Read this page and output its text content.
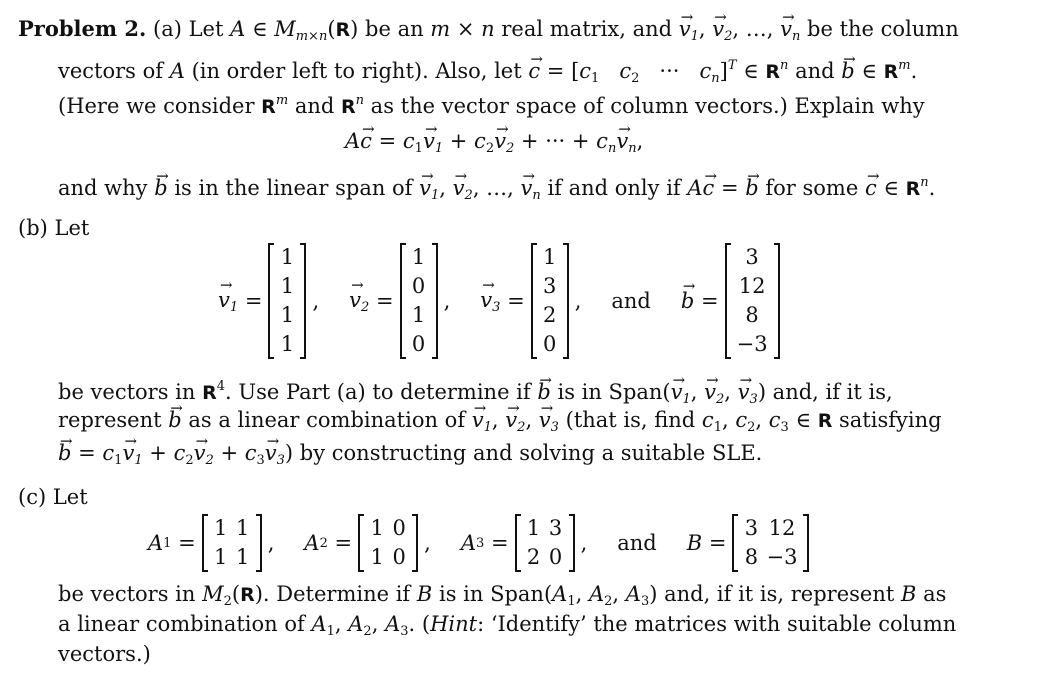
Problem 2. (a) Let A ∈ $M_{m\times n}(R)$ be an m × n real matrix, and → $v_1$, → $v_2$, …, → $v_n$ be the column
vectors of A (in order left to right). Also, let → $c = [c_1$ $c_2$   ···   $c_n]^T$ ∈ $R^n$ and → b ∈ $R^m$.
(Here we consider $R^m$ and $R^n$ as the vector space of column vectors.) Explain why
$A\to c = c_1\to v_1 + c_2\to v_2$ + ··· + $c_n\to v_n$,
and why → b is in the linear span of → $v_1$, → $v_2$, …, → $v_n$ if and only if A→ c = → b for some → c ∈ $R^n$.
(b) Let
→ $v_1$ =
1
1
1
1
, → $v_2$ =
1
0
1
0
, → $v_3$ =
1
3
2
0
, and → b =
3
12
8
−3
be vectors in $R^4$. Use Part (a) to determine if → b is in Span(→ $v_1$, → $v_2$, → $v_3$) and, if it is,
represent → b as a linear combination of → $v_1$, → $v_2$, → $v_3$ (that is, find $c_1$, $c_2$, $c_3$ ∈ R satisfying
→ $b = c_1\to v_1 + c_2\to v_2 + c_3\to v_3$) by constructing and solving a suitable SLE.
(c) Let
A 1 =
1
1
1
1
, A 2 =
1
1
0
0
, A 3 =
1
2
3
0
, and B =
3
8
12
−3
be vectors in $M_2(R)$. Determine if B is in $Span(A_1$, $A_2$, $A_3$) and, if it is, represent B as
a linear combination of $A_1$, $A_2$, $A_3$. (Hint: ‘Identify’ the matrices with suitable column
vectors.)
